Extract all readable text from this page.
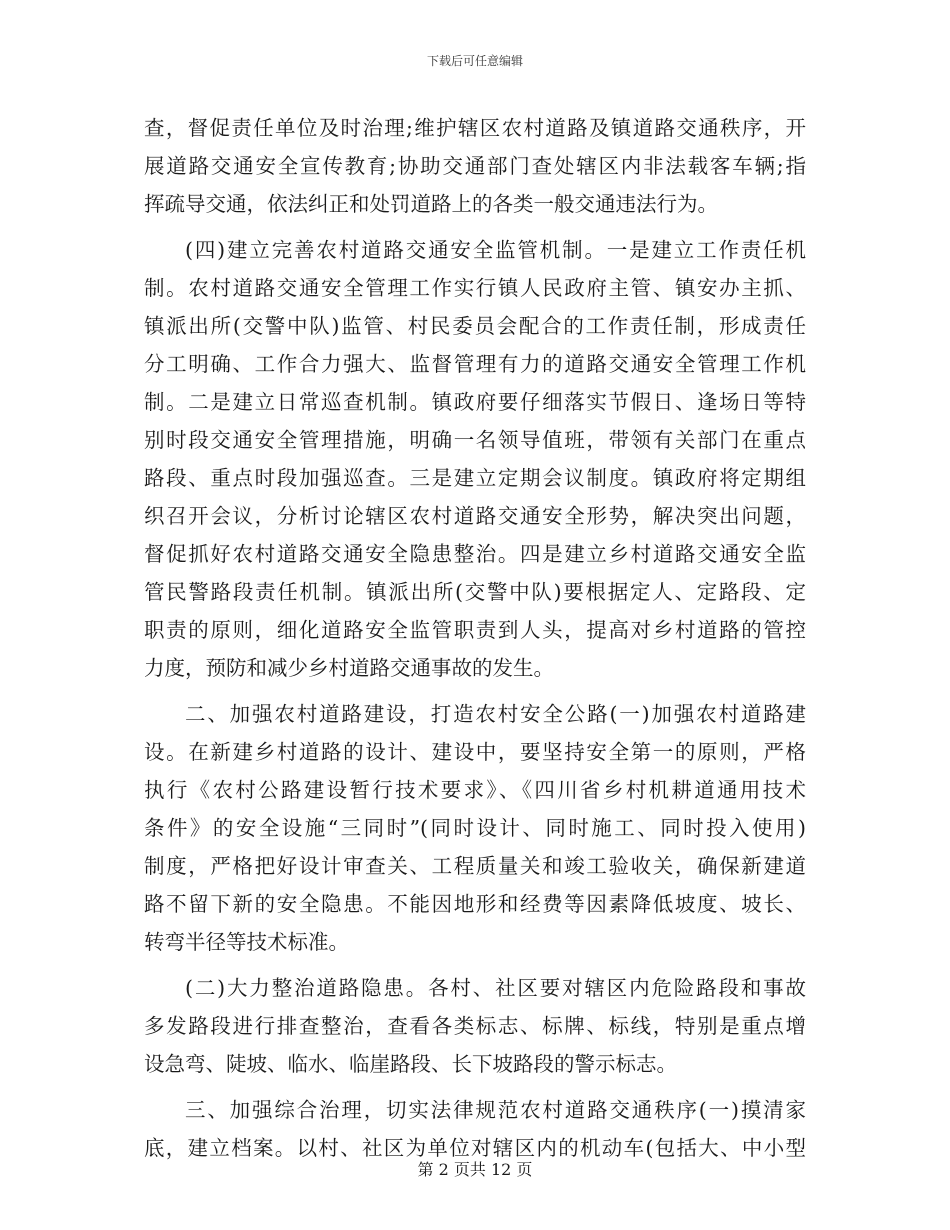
下载后可任意编辑
查，督促责任单位及时治理;维护辖区农村道路及镇道路交通秩序，开
展道路交通安全宣传教育;协助交通部门查处辖区内非法载客车辆;指
挥疏导交通，依法纠正和处罚道路上的各类一般交通违法行为。
(四)建立完善农村道路交通安全监管机制。一是建立工作责任机
制。农村道路交通安全管理工作实行镇人民政府主管、镇安办主抓、
镇派出所(交警中队)监管、村民委员会配合的工作责任制，形成责任
分工明确、工作合力强大、监督管理有力的道路交通安全管理工作机
制。二是建立日常巡查机制。镇政府要仔细落实节假日、逢场日等特
别时段交通安全管理措施，明确一名领导值班，带领有关部门在重点
路段、重点时段加强巡查。三是建立定期会议制度。镇政府将定期组
织召开会议，分析讨论辖区农村道路交通安全形势，解决突出问题，
督促抓好农村道路交通安全隐患整治。四是建立乡村道路交通安全监
管民警路段责任机制。镇派出所(交警中队)要根据定人、定路段、定
职责的原则，细化道路安全监管职责到人头，提高对乡村道路的管控
力度，预防和减少乡村道路交通事故的发生。
二、加强农村道路建设，打造农村安全公路(一)加强农村道路建
设。在新建乡村道路的设计、建设中，要坚持安全第一的原则，严格
执行《农村公路建设暂行技术要求》、《四川省乡村机耕道通用技术
条件》的安全设施“三同时”(同时设计、同时施工、同时投入使用)
制度，严格把好设计审查关、工程质量关和竣工验收关，确保新建道
路不留下新的安全隐患。不能因地形和经费等因素降低坡度、坡长、
转弯半径等技术标准。
(二)大力整治道路隐患。各村、社区要对辖区内危险路段和事故
多发路段进行排查整治，查看各类标志、标牌、标线，特别是重点增
设急弯、陡坡、临水、临崖路段、长下坡路段的警示标志。
三、加强综合治理，切实法律规范农村道路交通秩序(一)摸清家
底，建立档案。以村、社区为单位对辖区内的机动车(包括大、中小型
第 2 页共 12 页
